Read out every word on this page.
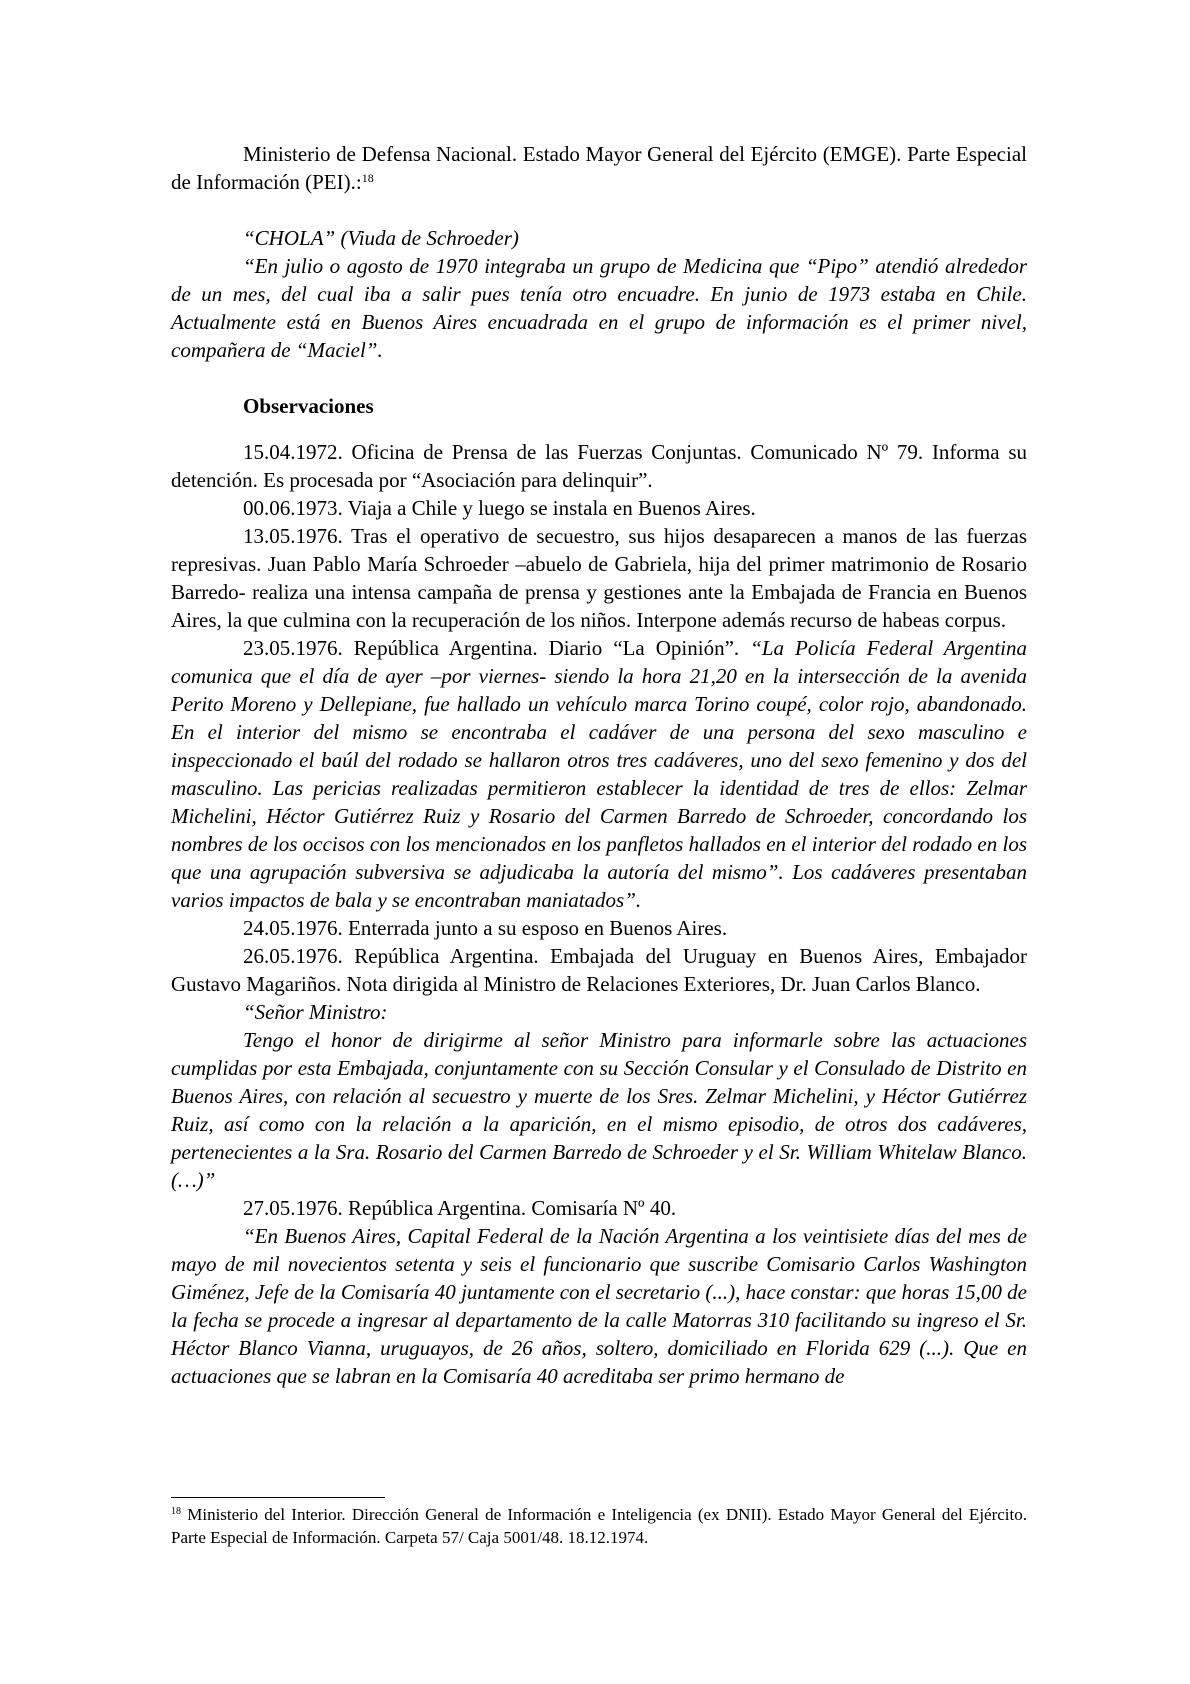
Ministerio de Defensa Nacional. Estado Mayor General del Ejército (EMGE). Parte Especial de Información (PEI).:$^{18}$

“CHOLA” (Viuda de Schroeder)

“En julio o agosto de 1970 integraba un grupo de Medicina que “Pipo” atendió alrededor de un mes, del cual iba a salir pues tenía otro encuadre. En junio de 1973 estaba en Chile. Actualmente está en Buenos Aires encuadrada en el grupo de información es el primer nivel, compañera de “Maciel”.

Observaciones

15.04.1972. Oficina de Prensa de las Fuerzas Conjuntas. Comunicado Nº 79. Informa su detención. Es procesada por “Asociación para delinquir”.

00.06.1973. Viaja a Chile y luego se instala en Buenos Aires.

13.05.1976. Tras el operativo de secuestro, sus hijos desaparecen a manos de las fuerzas represivas. Juan Pablo María Schroeder –abuelo de Gabriela, hija del primer matrimonio de Rosario Barredo- realiza una intensa campaña de prensa y gestiones ante la Embajada de Francia en Buenos Aires, la que culmina con la recuperación de los niños. Interpone además recurso de habeas corpus.

23.05.1976. República Argentina. Diario “La Opinión”. “La Policía Federal Argentina comunica que el día de ayer –por viernes- siendo la hora 21,20 en la intersección de la avenida Perito Moreno y Dellepiane, fue hallado un vehículo marca Torino coupé, color rojo, abandonado. En el interior del mismo se encontraba el cadáver de una persona del sexo masculino e inspeccionado el baúl del rodado se hallaron otros tres cadáveres, uno del sexo femenino y dos del masculino. Las pericias realizadas permitieron establecer la identidad de tres de ellos: Zelmar Michelini, Héctor Gutiérrez Ruiz y Rosario del Carmen Barredo de Schroeder, concordando los nombres de los occisos con los mencionados en los panfletos hallados en el interior del rodado en los que una agrupación subversiva se adjudicaba la autoría del mismo”. Los cadáveres presentaban varios impactos de bala y se encontraban maniatados”.

24.05.1976. Enterrada junto a su esposo en Buenos Aires.

26.05.1976. República Argentina. Embajada del Uruguay en Buenos Aires, Embajador Gustavo Magariños. Nota dirigida al Ministro de Relaciones Exteriores, Dr. Juan Carlos Blanco.

“Señor Ministro:

Tengo el honor de dirigirme al señor Ministro para informarle sobre las actuaciones cumplidas por esta Embajada, conjuntamente con su Sección Consular y el Consulado de Distrito en Buenos Aires, con relación al secuestro y muerte de los Sres. Zelmar Michelini, y Héctor Gutiérrez Ruiz, así como con la relación a la aparición, en el mismo episodio, de otros dos cadáveres, pertenecientes a la Sra. Rosario del Carmen Barredo de Schroeder y el Sr. William Whitelaw Blanco. (…)”

27.05.1976. República Argentina. Comisaría Nº 40.

“En Buenos Aires, Capital Federal de la Nación Argentina a los veintisiete días del mes de mayo de mil novecientos setenta y seis el funcionario que suscribe Comisario Carlos Washington Giménez, Jefe de la Comisaría 40 juntamente con el secretario (...), hace constar: que horas 15,00 de la fecha se procede a ingresar al departamento de la calle Matorras 310 facilitando su ingreso el Sr. Héctor Blanco Vianna, uruguayos, de 26 años, soltero, domiciliado en Florida 629 (...). Que en actuaciones que se labran en la Comisaría 40 acreditaba ser primo hermano de

$^{18}$ Ministerio del Interior. Dirección General de Información e Inteligencia (ex DNII). Estado Mayor General del Ejército. Parte Especial de Información. Carpeta 57/ Caja 5001/48. 18.12.1974.
